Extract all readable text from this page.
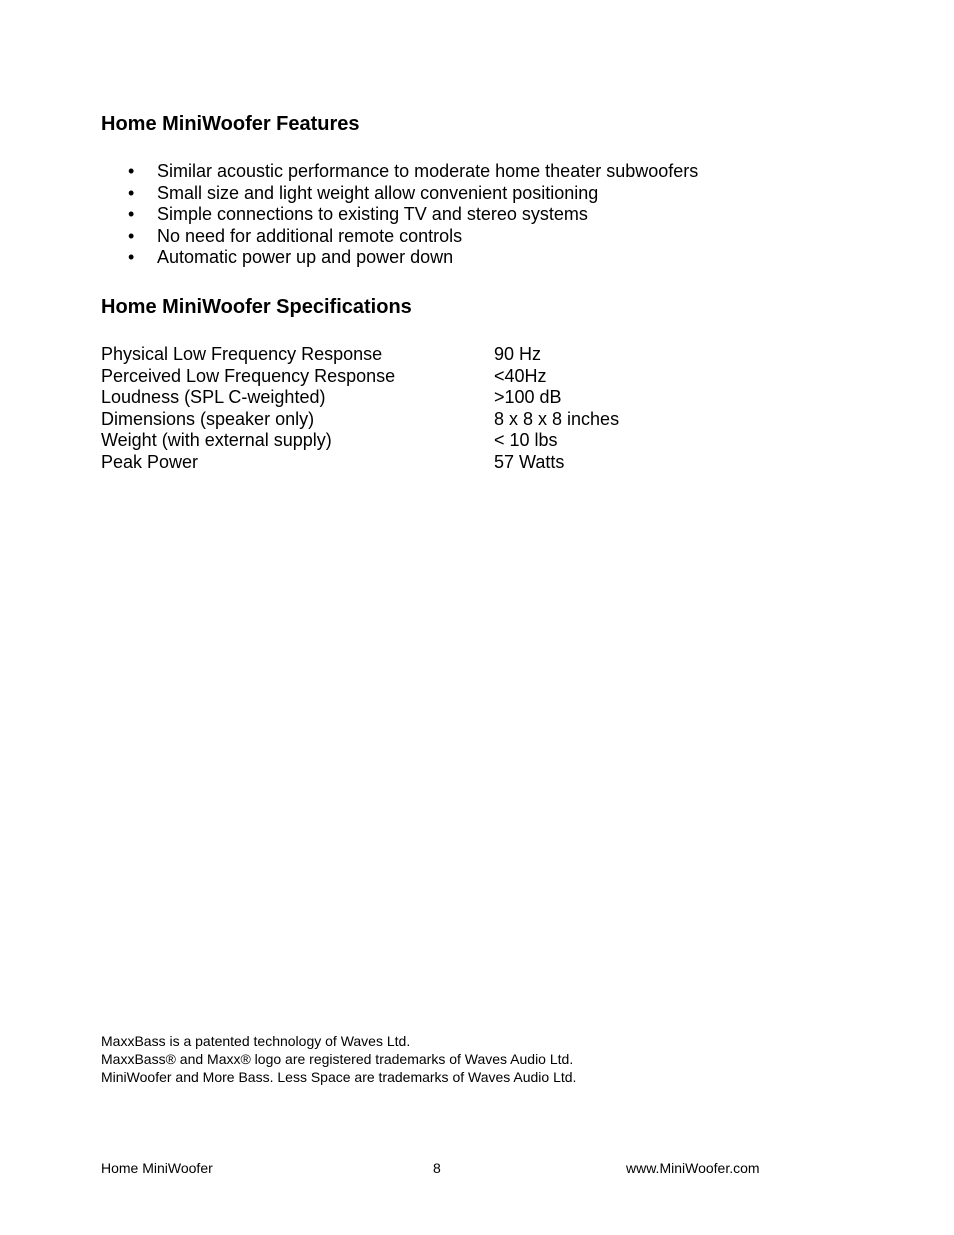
Home MiniWoofer Features
•	Similar acoustic performance to moderate home theater subwoofers
•	Small size and light weight allow convenient positioning
•	Simple connections to existing TV and stereo systems
•	No need for additional remote controls
•	Automatic power up and power down
Home MiniWoofer Specifications
Physical Low Frequency Response	90 Hz
Perceived Low Frequency Response	<40Hz
Loudness (SPL C-weighted)	>100 dB
Dimensions (speaker only)	8 x 8 x 8 inches
Weight (with external supply)	< 10 lbs
Peak Power	57 Watts
MaxxBass is a patented technology of Waves Ltd.
MaxxBass® and Maxx® logo are registered trademarks of Waves Audio Ltd.
MiniWoofer and More Bass. Less Space are trademarks of Waves Audio Ltd.
Home MiniWoofer	8	www.MiniWoofer.com
